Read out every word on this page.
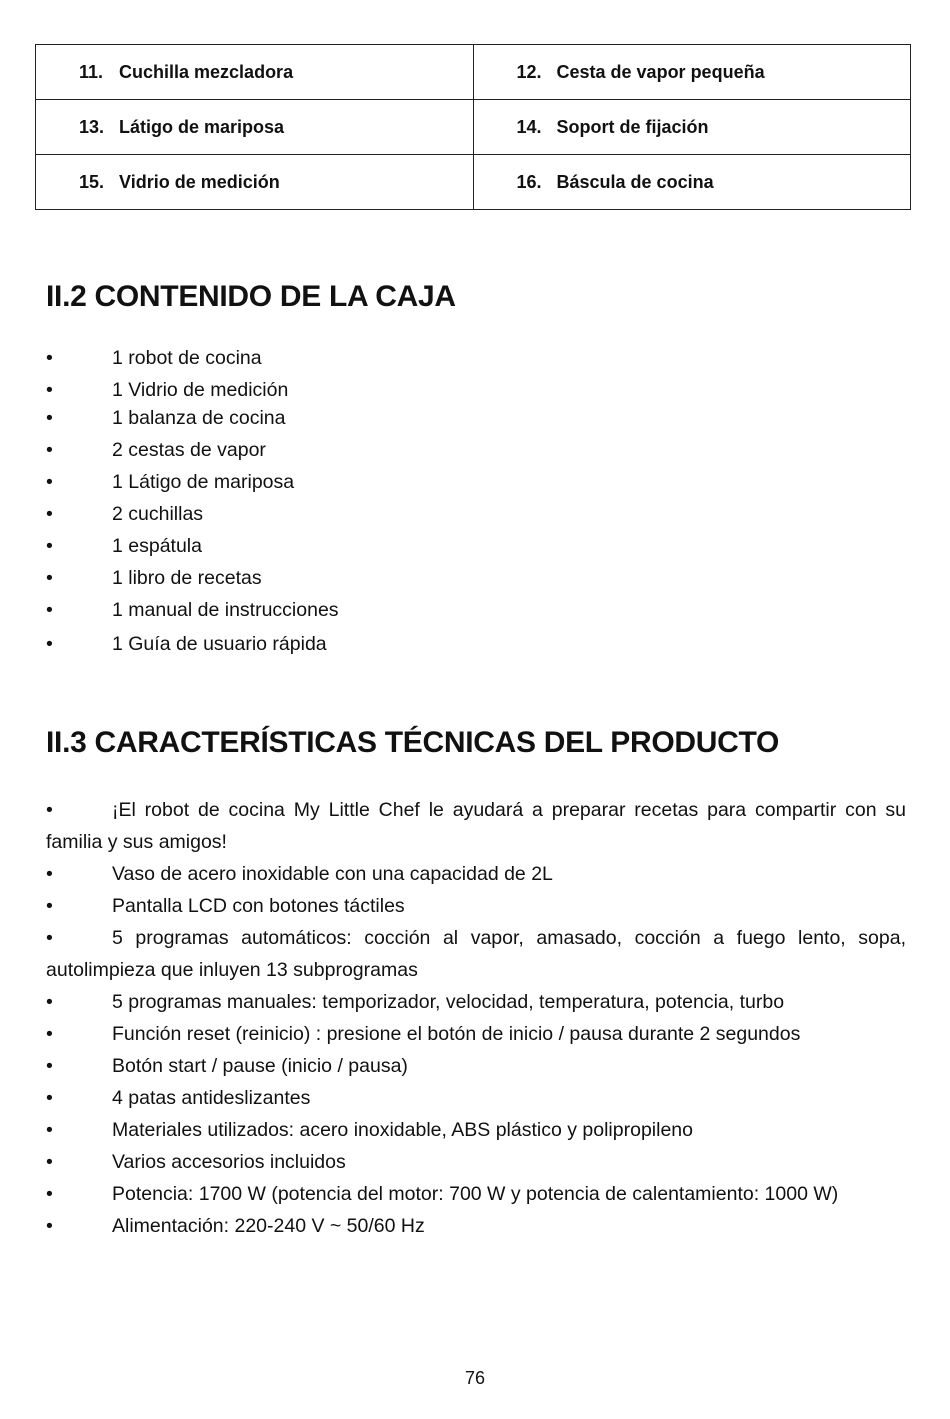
11. Cuchilla mezcladora	12. Cesta de vapor pequeña
13. Látigo de mariposa	14. Soport de fijación
15. Vidrio de medición	16. Báscula de cocina
II.2 CONTENIDO DE LA CAJA
•	1 robot de cocina
•	1 Vidrio de medición
•	1 balanza de cocina
•	2 cestas de vapor
•	1 Látigo de mariposa
•	2 cuchillas
•	1 espátula
•	1 libro de recetas
•	1 manual de instrucciones
•	1 Guía de usuario rápida
II.3 CARACTERÍSTICAS TÉCNICAS DEL PRODUCTO
•	¡El robot de cocina My Little Chef le ayudará a preparar recetas para compartir con su familia y sus amigos!
•	Vaso de acero inoxidable con una capacidad de 2L
•	Pantalla LCD con botones táctiles
•	5 programas automáticos: cocción al vapor, amasado, cocción a fuego lento, sopa, autolimpieza que inluyen 13 subprogramas
•	5 programas manuales: temporizador, velocidad, temperatura, potencia, turbo
•	Función reset (reinicio) : presione el botón de inicio / pausa durante 2 segundos
•	Botón start / pause (inicio / pausa)
•	4 patas antideslizantes
•	Materiales utilizados: acero inoxidable, ABS plástico y polipropileno
•	Varios accesorios incluidos
•	Potencia: 1700 W (potencia del motor: 700 W y potencia de calentamiento: 1000 W)
•	Alimentación: 220-240 V ~ 50/60 Hz
76
